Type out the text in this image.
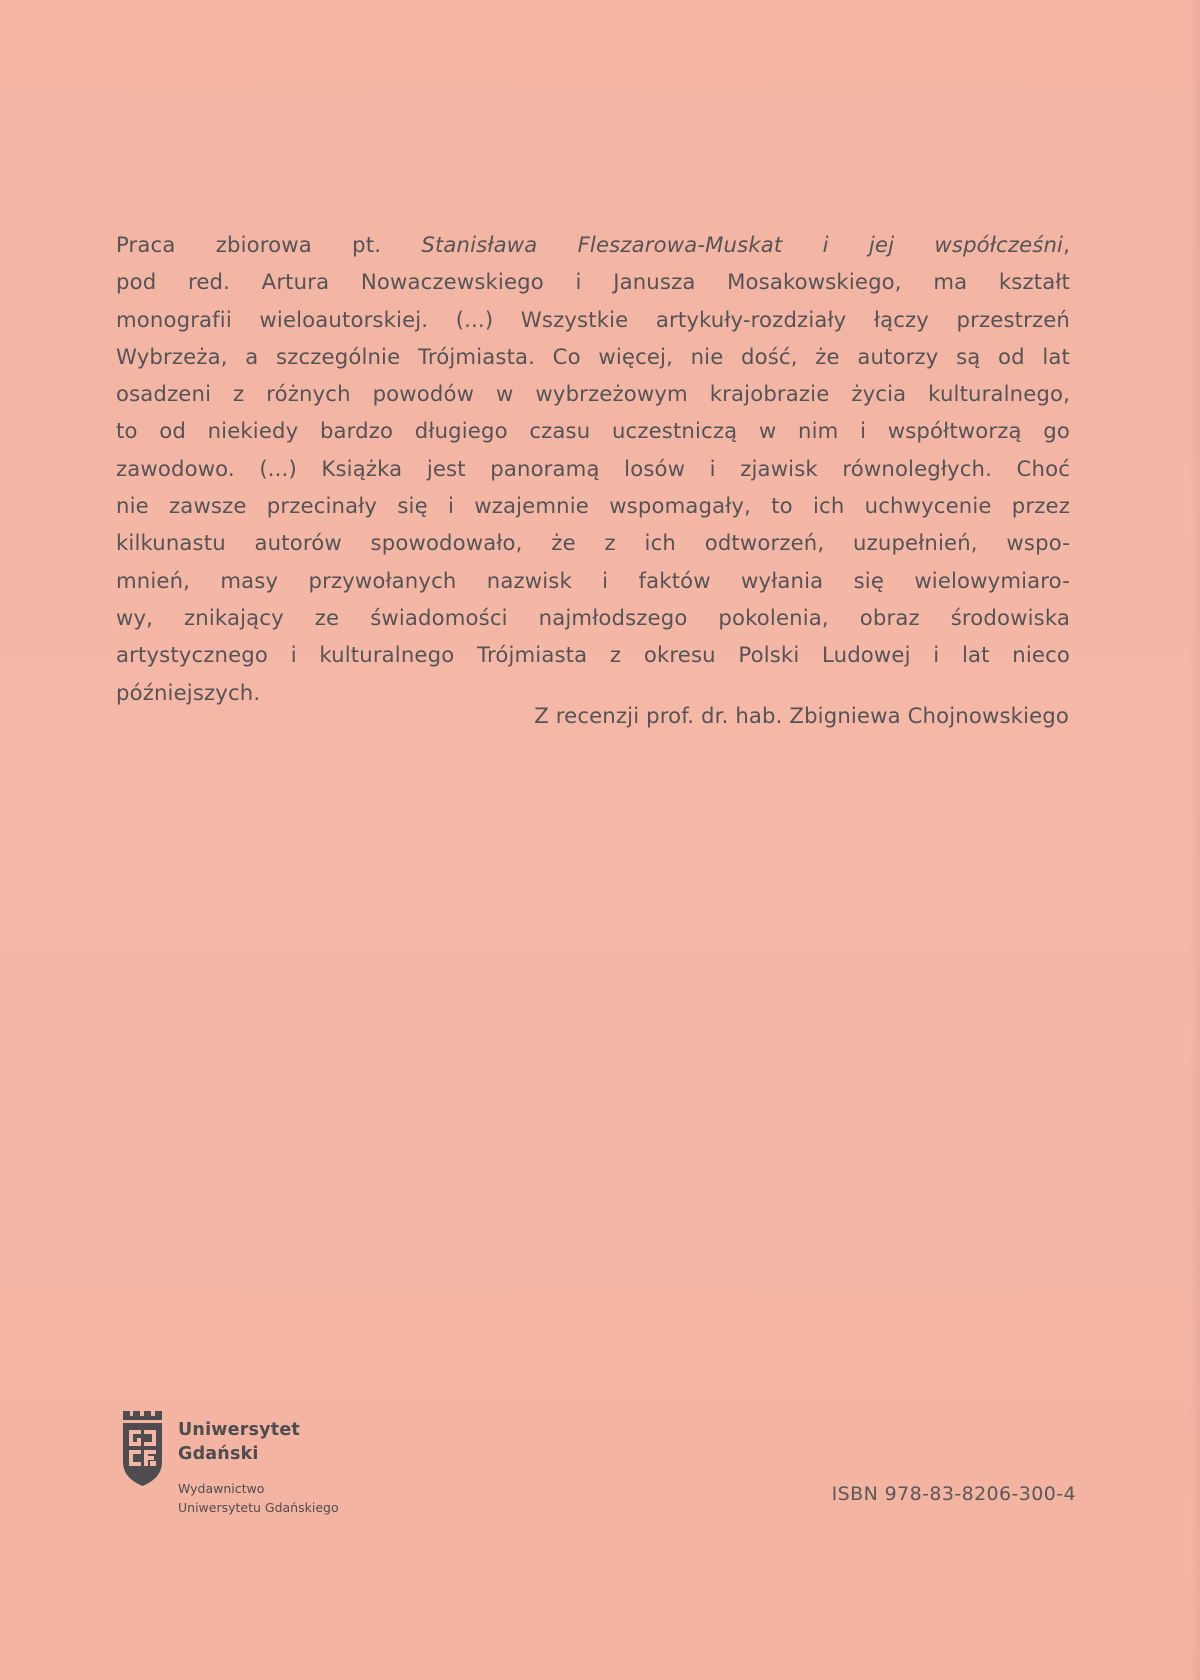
Praca zbiorowa pt. Stanisława Fleszarowa-Muskat i jej współcześni,
pod red. Artura Nowaczewskiego i Janusza Mosakowskiego, ma kształt
monografii wieloautorskiej. (...) Wszystkie artykuły-rozdziały łączy przestrzeń
Wybrzeża, a szczególnie Trójmiasta. Co więcej, nie dość, że autorzy są od lat
osadzeni z różnych powodów w wybrzeżowym krajobrazie życia kulturalnego,
to od niekiedy bardzo długiego czasu uczestniczą w nim i współtworzą go
zawodowo. (...) Książka jest panoramą losów i zjawisk równoległych. Choć
nie zawsze przecinały się i wzajemnie wspomagały, to ich uchwycenie przez
kilkunastu autorów spowodowało, że z ich odtworzeń, uzupełnień, wspo-
mnień, masy przywołanych nazwisk i faktów wyłania się wielowymiaro-
wy, znikający ze świadomości najmłodszego pokolenia, obraz środowiska
artystycznego i kulturalnego Trójmiasta z okresu Polski Ludowej i lat nieco
późniejszych.

Z recenzji prof. dr. hab. Zbigniewa Chojnowskiego
Uniwersytet
Gdański
Wydawnictwo
Uniwersytetu Gdańskiego
ISBN 978-83-8206-300-4
